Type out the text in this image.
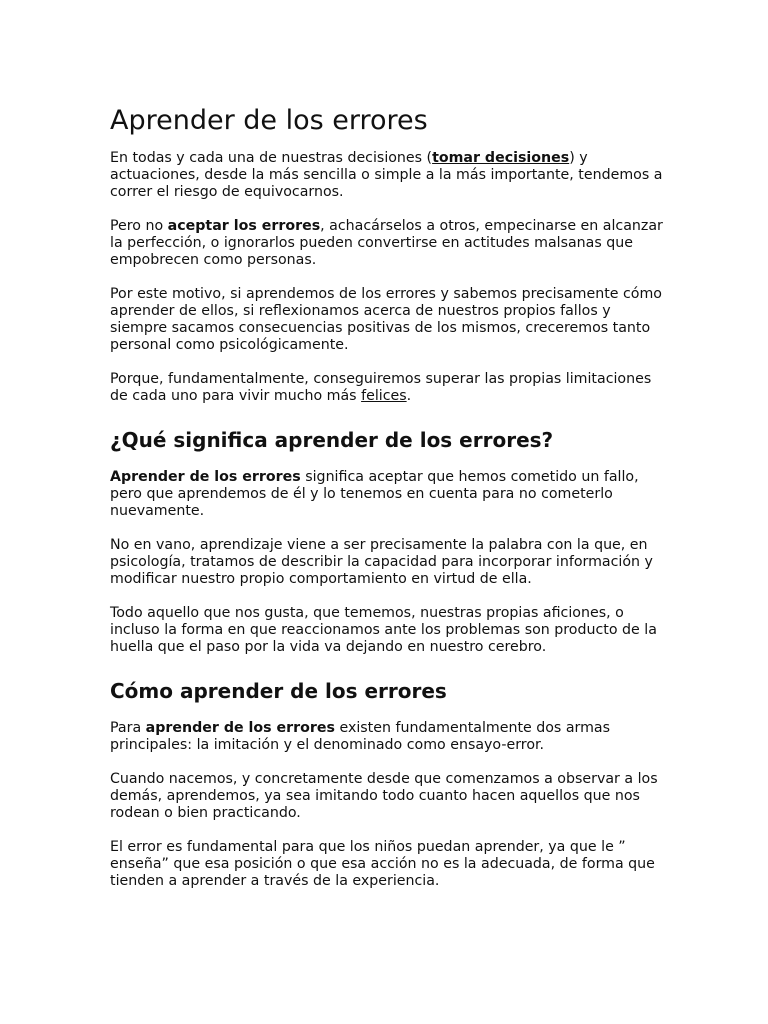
Aprender de los errores

En todas y cada una de nuestras decisiones (tomar decisiones) y actuaciones, desde la más sencilla o simple a la más importante, tendemos a correr el riesgo de equivocarnos.

Pero no aceptar los errores, achacárselos a otros, empecinarse en alcanzar la perfección, o ignorarlos pueden convertirse en actitudes malsanas que empobrecen como personas.

Por este motivo, si aprendemos de los errores y sabemos precisamente cómo aprender de ellos, si reflexionamos acerca de nuestros propios fallos y siempre sacamos consecuencias positivas de los mismos, creceremos tanto personal como psicológicamente.

Porque, fundamentalmente, conseguiremos superar las propias limitaciones de cada uno para vivir mucho más felices.

¿Qué significa aprender de los errores?

Aprender de los errores significa aceptar que hemos cometido un fallo, pero que aprendemos de él y lo tenemos en cuenta para no cometerlo nuevamente.

No en vano, aprendizaje viene a ser precisamente la palabra con la que, en psicología, tratamos de describir la capacidad para incorporar información y modificar nuestro propio comportamiento en virtud de ella.

Todo aquello que nos gusta, que tememos, nuestras propias aficiones, o incluso la forma en que reaccionamos ante los problemas son producto de la huella que el paso por la vida va dejando en nuestro cerebro.

Cómo aprender de los errores

Para aprender de los errores existen fundamentalmente dos armas principales: la imitación y el denominado como ensayo-error.

Cuando nacemos, y concretamente desde que comenzamos a observar a los demás, aprendemos, ya sea imitando todo cuanto hacen aquellos que nos rodean o bien practicando.

El error es fundamental para que los niños puedan aprender, ya que le ” enseña” que esa posición o que esa acción no es la adecuada, de forma que tienden a aprender a través de la experiencia.
